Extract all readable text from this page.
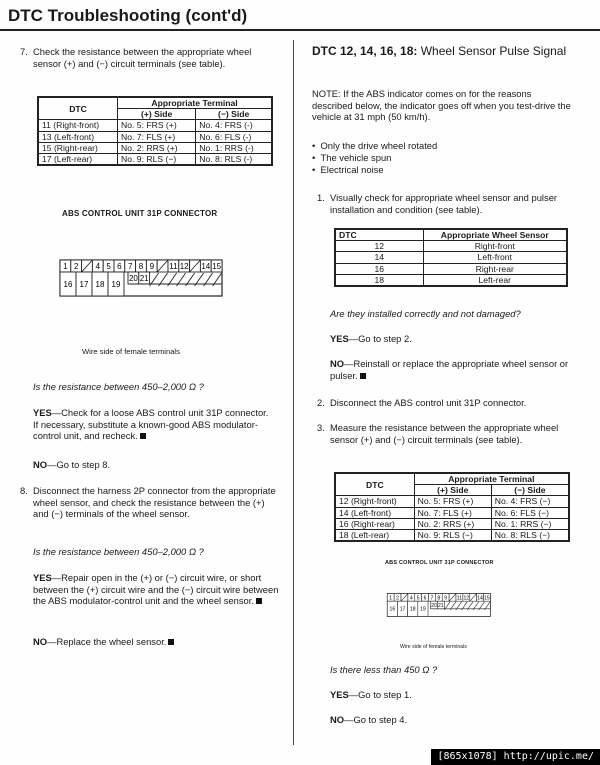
DTC Troubleshooting (cont'd)
7. Check the resistance between the appropriate wheel sensor (+) and (−) circuit terminals (see table).
DTC	Appropriate Terminal	
	(+) Side	(−) Side
11 (Right-front)	No. 5: FRS (+)	No. 4: FRS (-)
13 (Left-front)	No. 7: FLS (+)	No. 6: FLS (-)
15 (Right-rear)	No. 2: RRS (+)	No. 1: RRS (-)
17 (Left-rear)	No. 9: RLS (−)	No. 8: RLS (-)
ABS CONTROL UNIT 31P CONNECTOR
1 2 4 5 6 7 8 9 11 12 14 15
16 17 18 19
20 21
Wire side of female terminals
Is the resistance between 450–2,000 Ω ?
YES—Check for a loose ABS control unit 31P connector. If necessary, substitute a known-good ABS modulator-control unit, and recheck.
NO—Go to step 8.
8. Disconnect the harness 2P connector from the appropriate wheel sensor, and check the resistance between the (+) and (−) terminals of the wheel sensor.
Is the resistance between 450–2,000 Ω ?
YES—Repair open in the (+) or (−) circuit wire, or short between the (+) circuit wire and the (−) circuit wire between the ABS modulator-control unit and the wheel sensor.
NO—Replace the wheel sensor.
DTC 12, 14, 16, 18: Wheel Sensor Pulse Signal
NOTE: If the ABS indicator comes on for the reasons described below, the indicator goes off when you test-drive the vehicle at 31 mph (50 km/h).
•  Only the drive wheel rotated
•  The vehicle spun
•  Electrical noise
1. Visually check for appropriate wheel sensor and pulser installation and condition (see table).
DTC	Appropriate Wheel Sensor
12	Right-front
14	Left-front
16	Right-rear
18	Left-rear
Are they installed correctly and not damaged?
YES—Go to step 2.
NO—Reinstall or replace the appropriate wheel sensor or pulser.
2. Disconnect the ABS control unit 31P connector.
3. Measure the resistance between the appropriate wheel sensor (+) and (−) circuit terminals (see table).
DTC	Appropriate Terminal	
	(+) Side	(−) Side
12 (Right-front)	No. 5: FRS (+)	No. 4: FRS (−)
14 (Left-front)	No. 7: FLS (+)	No. 6: FLS (−)
16 (Right-rear)	No. 2: RRS (+)	No. 1: RRS (−)
18 (Left-rear)	No. 9: RLS (−)	No. 8: RLS (−)
ABS CONTROL UNIT 31P CONNECTOR
1 2 4 5 6 7 8 9 11 12 14 15
16 17 18 19
20 21
Wire side of female terminals
Is there less than 450 Ω ?
YES—Go to step 1.
NO—Go to step 4.
[865x1078] http://upic.me/
